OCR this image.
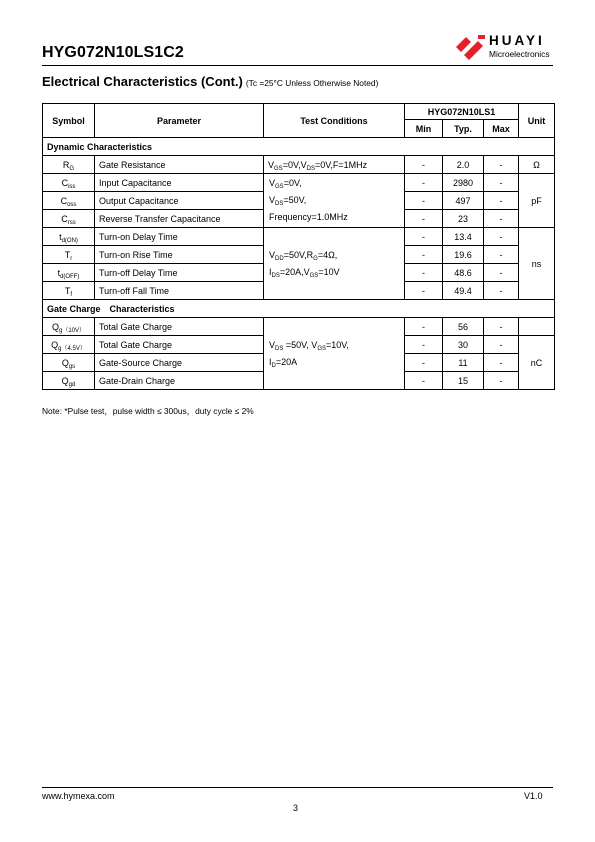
HYG072N10LS1C2
HUAYI
Microelectronics
Electrical Characteristics (Cont.) (Tc =25°C Unless Otherwise Noted)
Symbol	Parameter	Test Conditions	HYG072N10LS1			Unit
			Min	Typ.	Max	
Dynamic Characteristics						
$R_G$	Gate Resistance	$V_{GS}=0V,V_{DS}=0V,F=1MHz$	-	2.0	-	Ω
$C_{iss}$	Input Capacitance	$V_{GS}=0V$,
$V_{DS}=50V$,
Frequency=1.0MHz	-	2980	-	pF
$C_{oss}$	Output Capacitance		-	497	-	
$C_{rss}$	Reverse Transfer Capacitance		-	23	-	
$t_{d(ON)}$	Turn-on Delay Time	$V_{DD}=50V,R_G=4\Omega$,
$I_{DS}=20A,V_{GS}=10V$	-	13.4	-	ns
$T_r$	Turn-on Rise Time		-	19.6	-	
$t_{d(OFF)}$	Turn-off Delay Time		-	48.6	-	
$T_f$	Turn-off Fall Time		-	49.4	-	
Gate Charge　Characteristics						
$Q_{g(10V)}$	Total Gate Charge	$V_{DS} =50V$, $V_{GS}=10V$,
$I_D=20A$	-	56	-	
$Q_{g(4.5V)}$	Total Gate Charge		-	30	-	nC
$Q_{gs}$	Gate-Source Charge		-	11	-	
$Q_{gd}$	Gate-Drain Charge		-	15	-	
Note: *Pulse test，pulse width ≤ 300us，duty cycle ≤ 2%
www.hymexa.com	V1.0
3
